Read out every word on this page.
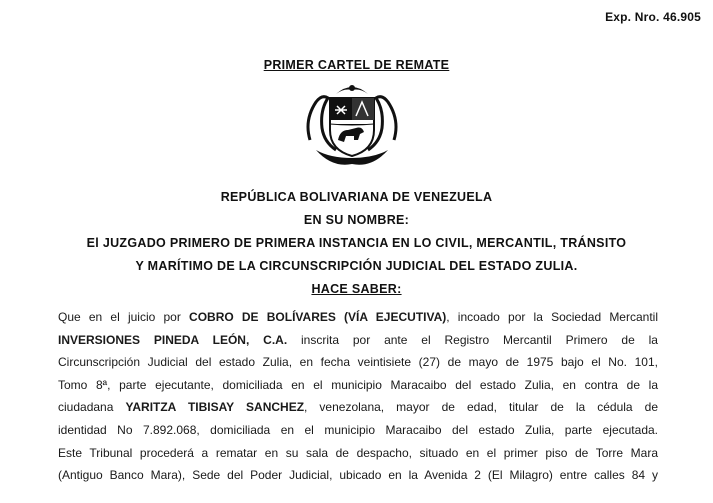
Exp. Nro. 46.905
PRIMER CARTEL DE REMATE
REPÚBLICA BOLIVARIANA DE VENEZUELA
EN SU NOMBRE:
El JUZGADO PRIMERO DE PRIMERA INSTANCIA EN LO CIVIL, MERCANTIL, TRÁNSITO
Y MARÍTIMO DE LA CIRCUNSCRIPCIÓN JUDICIAL DEL ESTADO ZULIA.
HACE SABER:
Que en el juicio por COBRO DE BOLÍVARES (VÍA EJECUTIVA), incoado por la Sociedad Mercantil
INVERSIONES PINEDA LEÓN, C.A. inscrita por ante el Registro Mercantil Primero de la
Circunscripción Judicial del estado Zulia, en fecha veintisiete (27) de mayo de 1975 bajo el No. 101,
Tomo 8ª, parte ejecutante, domiciliada en el municipio Maracaibo del estado Zulia, en contra de la
ciudadana YARITZA TIBISAY SANCHEZ, venezolana, mayor de edad, titular de la cédula de
identidad No 7.892.068, domiciliada en el municipio Maracaibo del estado Zulia, parte ejecutada.
Este Tribunal procederá a rematar en su sala de despacho, situado en el primer piso de Torre Mara
(Antiguo Banco Mara), Sede del Poder Judicial, ubicado en la Avenida 2 (El Milagro) entre calles 84 y
